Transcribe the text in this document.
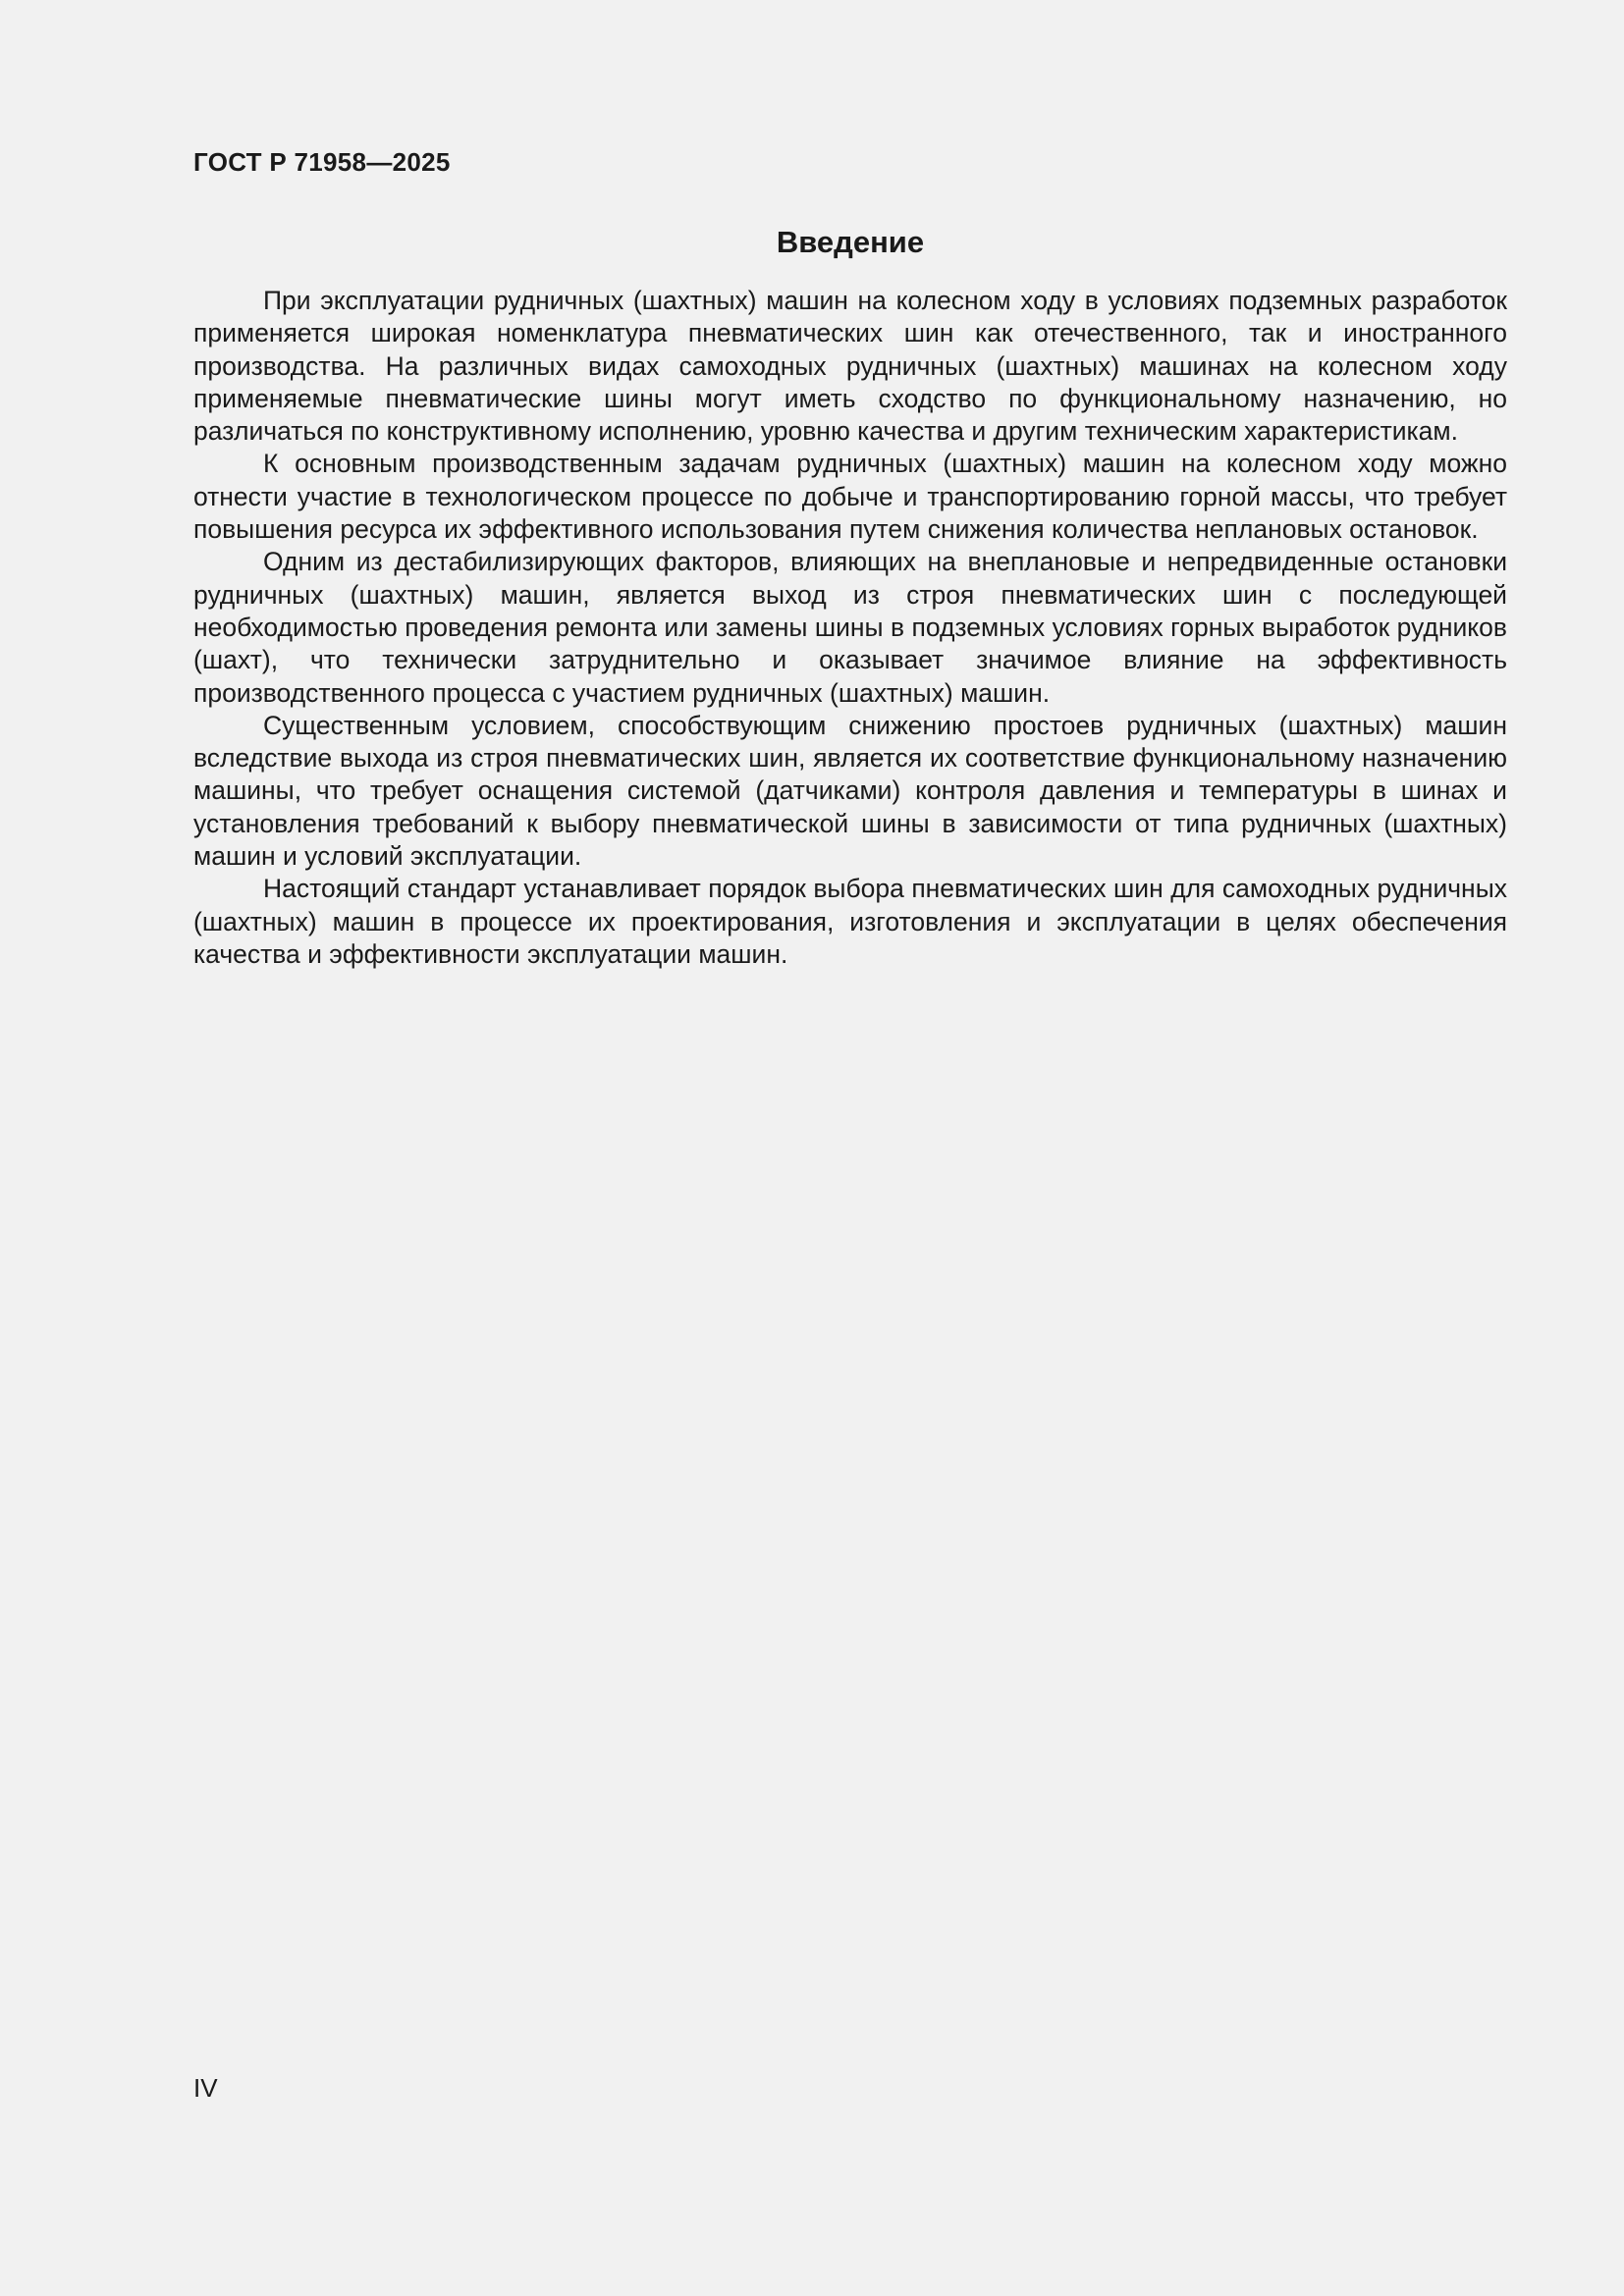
ГОСТ Р 71958—2025
Введение

При эксплуатации рудничных (шахтных) машин на колесном ходу в условиях подземных разработок применяется широкая номенклатура пневматических шин как отечественного, так и иностранного производства. На различных видах самоходных рудничных (шахтных) машинах на колесном ходу применяемые пневматические шины могут иметь сходство по функциональному назначению, но различаться по конструктивному исполнению, уровню качества и другим техническим характеристикам.

К основным производственным задачам рудничных (шахтных) машин на колесном ходу можно отнести участие в технологическом процессе по добыче и транспортированию горной массы, что требует повышения ресурса их эффективного использования путем снижения количества неплановых остановок.

Одним из дестабилизирующих факторов, влияющих на внеплановые и непредвиденные остановки рудничных (шахтных) машин, является выход из строя пневматических шин с последующей необходимостью проведения ремонта или замены шины в подземных условиях горных выработок рудников (шахт), что технически затруднительно и оказывает значимое влияние на эффективность производственного процесса с участием рудничных (шахтных) машин.

Существенным условием, способствующим снижению простоев рудничных (шахтных) машин вследствие выхода из строя пневматических шин, является их соответствие функциональному назначению машины, что требует оснащения системой (датчиками) контроля давления и температуры в шинах и установления требований к выбору пневматической шины в зависимости от типа рудничных (шахтных) машин и условий эксплуатации.

Настоящий стандарт устанавливает порядок выбора пневматических шин для самоходных рудничных (шахтных) машин в процессе их проектирования, изготовления и эксплуатации в целях обеспечения качества и эффективности эксплуатации машин.

IV
